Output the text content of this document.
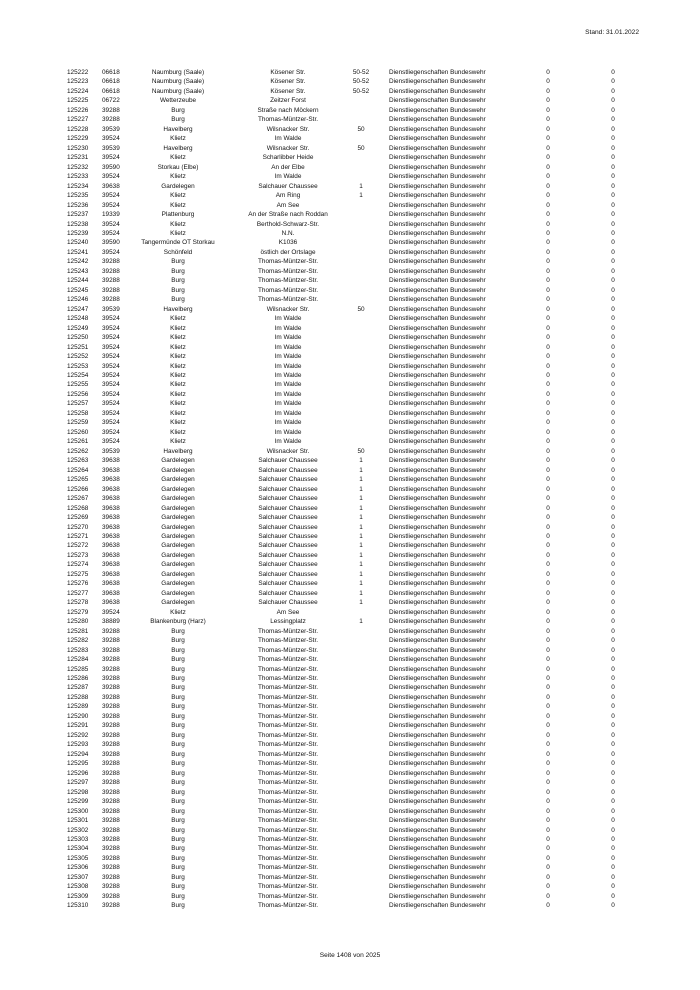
Stand: 31.01.2022
125222 06618	Naumburg (Saale)	Kösener Str.	50-52	Dienstliegenschaften Bundeswehr	0	0
125223 06618	Naumburg (Saale)	Kösener Str.	50-52	Dienstliegenschaften Bundeswehr	0	0
125224 06618	Naumburg (Saale)	Kösener Str.	50-52	Dienstliegenschaften Bundeswehr	0	0
125225 06722	Wetterzeube	Zeitzer Forst	Dienstliegenschaften Bundeswehr	0	0
125226 39288	Burg	Straße nach Möckern	Dienstliegenschaften Bundeswehr	0	0
125227 39288	Burg	Thomas-Müntzer-Str.	Dienstliegenschaften Bundeswehr	0	0
125228 39539	Havelberg	Wilsnacker Str.	50	Dienstliegenschaften Bundeswehr	0	0
125229 39524	Klietz	Im Walde	Dienstliegenschaften Bundeswehr	0	0
125230 39539	Havelberg	Wilsnacker Str.	50	Dienstliegenschaften Bundeswehr	0	0
125231 39524	Klietz	Scharlibber Heide	Dienstliegenschaften Bundeswehr	0	0
125232 39590	Storkau (Elbe)	An der Elbe	Dienstliegenschaften Bundeswehr	0	0
125233 39524	Klietz	Im Walde	Dienstliegenschaften Bundeswehr	0	0
125234 39638	Gardelegen	Salchauer Chaussee	1	Dienstliegenschaften Bundeswehr	0	0
125235 39524	Klietz	Am Ring	1	Dienstliegenschaften Bundeswehr	0	0
125236 39524	Klietz	Am See	Dienstliegenschaften Bundeswehr	0	0
125237 19339	Plattenburg	An der Straße nach Roddan	Dienstliegenschaften Bundeswehr	0	0
125238 39524	Klietz	Berthold-Schwarz-Str.	Dienstliegenschaften Bundeswehr	0	0
125239 39524	Klietz	N.N.	Dienstliegenschaften Bundeswehr	0	0
125240 39590	Tangermünde OT Storkau	K1036	Dienstliegenschaften Bundeswehr	0	0
125241 39524	Schönfeld	östlich der Ortslage	Dienstliegenschaften Bundeswehr	0	0
125242 39288	Burg	Thomas-Müntzer-Str.	Dienstliegenschaften Bundeswehr	0	0
125243 39288	Burg	Thomas-Müntzer-Str.	Dienstliegenschaften Bundeswehr	0	0
125244 39288	Burg	Thomas-Müntzer-Str.	Dienstliegenschaften Bundeswehr	0	0
125245 39288	Burg	Thomas-Müntzer-Str.	Dienstliegenschaften Bundeswehr	0	0
125246 39288	Burg	Thomas-Müntzer-Str.	Dienstliegenschaften Bundeswehr	0	0
125247 39539	Havelberg	Wilsnacker Str.	50	Dienstliegenschaften Bundeswehr	0	0
125248 39524	Klietz	Im Walde	Dienstliegenschaften Bundeswehr	0	0
125249 39524	Klietz	Im Walde	Dienstliegenschaften Bundeswehr	0	0
125250 39524	Klietz	Im Walde	Dienstliegenschaften Bundeswehr	0	0
125251 39524	Klietz	Im Walde	Dienstliegenschaften Bundeswehr	0	0
125252 39524	Klietz	Im Walde	Dienstliegenschaften Bundeswehr	0	0
125253 39524	Klietz	Im Walde	Dienstliegenschaften Bundeswehr	0	0
125254 39524	Klietz	Im Walde	Dienstliegenschaften Bundeswehr	0	0
125255 39524	Klietz	Im Walde	Dienstliegenschaften Bundeswehr	0	0
125256 39524	Klietz	Im Walde	Dienstliegenschaften Bundeswehr	0	0
125257 39524	Klietz	Im Walde	Dienstliegenschaften Bundeswehr	0	0
125258 39524	Klietz	Im Walde	Dienstliegenschaften Bundeswehr	0	0
125259 39524	Klietz	Im Walde	Dienstliegenschaften Bundeswehr	0	0
125260 39524	Klietz	Im Walde	Dienstliegenschaften Bundeswehr	0	0
125261 39524	Klietz	Im Walde	Dienstliegenschaften Bundeswehr	0	0
125262 39539	Havelberg	Wilsnacker Str.	50	Dienstliegenschaften Bundeswehr	0	0
125263 39638	Gardelegen	Salchauer Chaussee	1	Dienstliegenschaften Bundeswehr	0	0
125264 39638	Gardelegen	Salchauer Chaussee	1	Dienstliegenschaften Bundeswehr	0	0
125265 39638	Gardelegen	Salchauer Chaussee	1	Dienstliegenschaften Bundeswehr	0	0
125266 39638	Gardelegen	Salchauer Chaussee	1	Dienstliegenschaften Bundeswehr	0	0
125267 39638	Gardelegen	Salchauer Chaussee	1	Dienstliegenschaften Bundeswehr	0	0
125268 39638	Gardelegen	Salchauer Chaussee	1	Dienstliegenschaften Bundeswehr	0	0
125269 39638	Gardelegen	Salchauer Chaussee	1	Dienstliegenschaften Bundeswehr	0	0
125270 39638	Gardelegen	Salchauer Chaussee	1	Dienstliegenschaften Bundeswehr	0	0
125271 39638	Gardelegen	Salchauer Chaussee	1	Dienstliegenschaften Bundeswehr	0	0
125272 39638	Gardelegen	Salchauer Chaussee	1	Dienstliegenschaften Bundeswehr	0	0
125273 39638	Gardelegen	Salchauer Chaussee	1	Dienstliegenschaften Bundeswehr	0	0
125274 39638	Gardelegen	Salchauer Chaussee	1	Dienstliegenschaften Bundeswehr	0	0
125275 39638	Gardelegen	Salchauer Chaussee	1	Dienstliegenschaften Bundeswehr	0	0
125276 39638	Gardelegen	Salchauer Chaussee	1	Dienstliegenschaften Bundeswehr	0	0
125277 39638	Gardelegen	Salchauer Chaussee	1	Dienstliegenschaften Bundeswehr	0	0
125278 39638	Gardelegen	Salchauer Chaussee	1	Dienstliegenschaften Bundeswehr	0	0
125279 39524	Klietz	Am See	Dienstliegenschaften Bundeswehr	0	0
125280 38889	Blankenburg (Harz)	Lessingplatz	1	Dienstliegenschaften Bundeswehr	0	0
125281 39288	Burg	Thomas-Müntzer-Str.	Dienstliegenschaften Bundeswehr	0	0
125282 39288	Burg	Thomas-Müntzer-Str.	Dienstliegenschaften Bundeswehr	0	0
125283 39288	Burg	Thomas-Müntzer-Str.	Dienstliegenschaften Bundeswehr	0	0
125284 39288	Burg	Thomas-Müntzer-Str.	Dienstliegenschaften Bundeswehr	0	0
125285 39288	Burg	Thomas-Müntzer-Str.	Dienstliegenschaften Bundeswehr	0	0
125286 39288	Burg	Thomas-Müntzer-Str.	Dienstliegenschaften Bundeswehr	0	0
125287 39288	Burg	Thomas-Müntzer-Str.	Dienstliegenschaften Bundeswehr	0	0
125288 39288	Burg	Thomas-Müntzer-Str.	Dienstliegenschaften Bundeswehr	0	0
125289 39288	Burg	Thomas-Müntzer-Str.	Dienstliegenschaften Bundeswehr	0	0
125290 39288	Burg	Thomas-Müntzer-Str.	Dienstliegenschaften Bundeswehr	0	0
125291 39288	Burg	Thomas-Müntzer-Str.	Dienstliegenschaften Bundeswehr	0	0
125292 39288	Burg	Thomas-Müntzer-Str.	Dienstliegenschaften Bundeswehr	0	0
125293 39288	Burg	Thomas-Müntzer-Str.	Dienstliegenschaften Bundeswehr	0	0
125294 39288	Burg	Thomas-Müntzer-Str.	Dienstliegenschaften Bundeswehr	0	0
125295 39288	Burg	Thomas-Müntzer-Str.	Dienstliegenschaften Bundeswehr	0	0
125296 39288	Burg	Thomas-Müntzer-Str.	Dienstliegenschaften Bundeswehr	0	0
125297 39288	Burg	Thomas-Müntzer-Str.	Dienstliegenschaften Bundeswehr	0	0
125298 39288	Burg	Thomas-Müntzer-Str.	Dienstliegenschaften Bundeswehr	0	0
125299 39288	Burg	Thomas-Müntzer-Str.	Dienstliegenschaften Bundeswehr	0	0
125300 39288	Burg	Thomas-Müntzer-Str.	Dienstliegenschaften Bundeswehr	0	0
125301 39288	Burg	Thomas-Müntzer-Str.	Dienstliegenschaften Bundeswehr	0	0
125302 39288	Burg	Thomas-Müntzer-Str.	Dienstliegenschaften Bundeswehr	0	0
125303 39288	Burg	Thomas-Müntzer-Str.	Dienstliegenschaften Bundeswehr	0	0
125304 39288	Burg	Thomas-Müntzer-Str.	Dienstliegenschaften Bundeswehr	0	0
125305 39288	Burg	Thomas-Müntzer-Str.	Dienstliegenschaften Bundeswehr	0	0
125306 39288	Burg	Thomas-Müntzer-Str.	Dienstliegenschaften Bundeswehr	0	0
125307 39288	Burg	Thomas-Müntzer-Str.	Dienstliegenschaften Bundeswehr	0	0
125308 39288	Burg	Thomas-Müntzer-Str.	Dienstliegenschaften Bundeswehr	0	0
125309 39288	Burg	Thomas-Müntzer-Str.	Dienstliegenschaften Bundeswehr	0	0
125310 39288	Burg	Thomas-Müntzer-Str.	Dienstliegenschaften Bundeswehr	0	0
Seite 1408 von 2025
